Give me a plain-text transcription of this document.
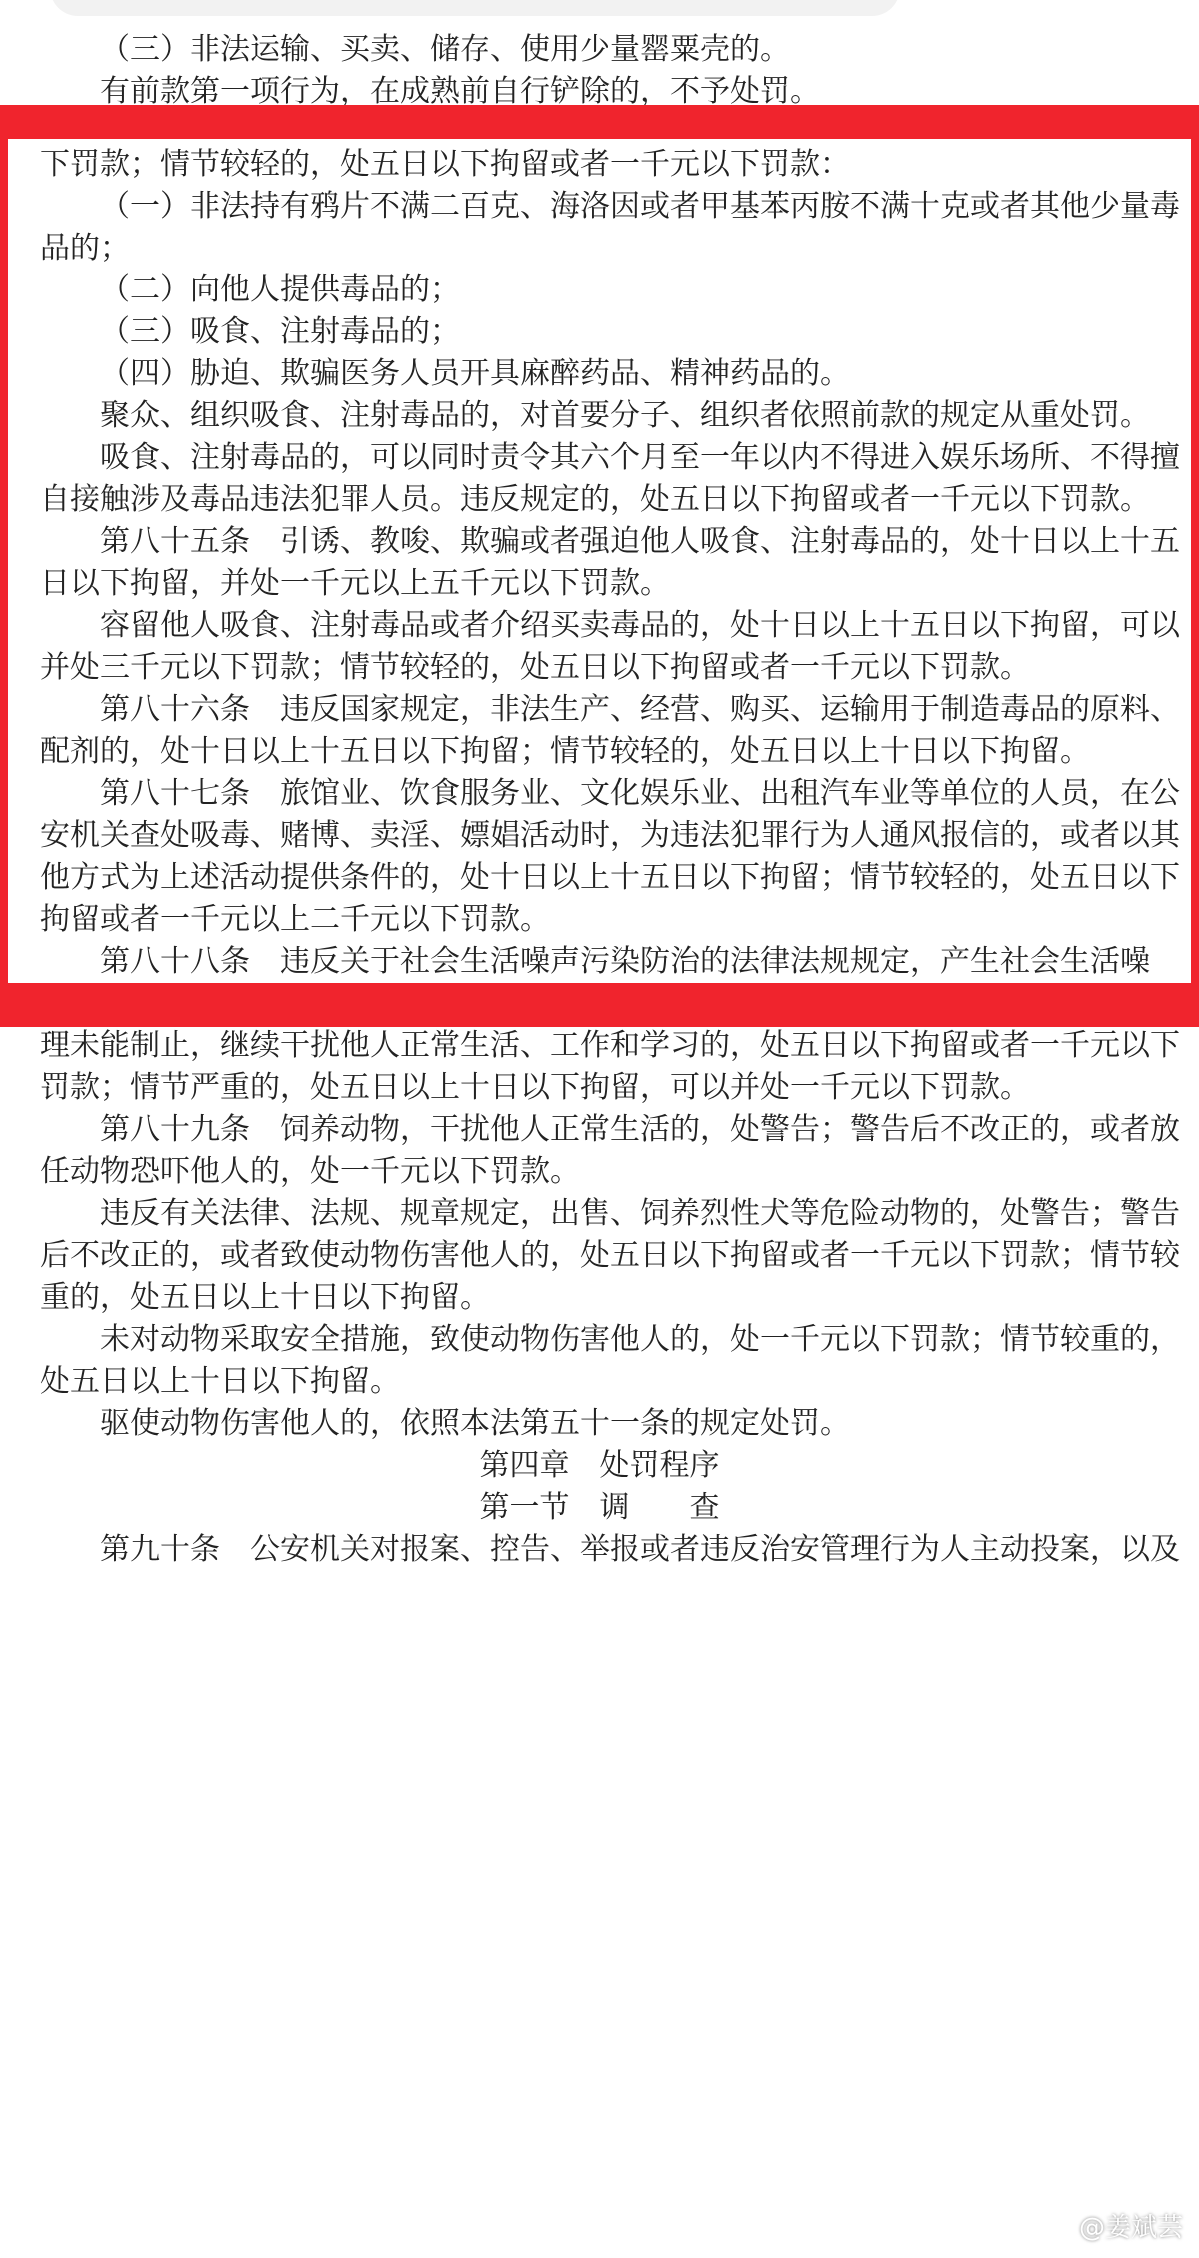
（三）非法运输、买卖、储存、使用少量罂粟壳的。
有前款第一项行为，在成熟前自行铲除的，不予处罚。
第八十四条　有下列行为之一的，处十日以上十五日以下拘留，可以并处三千元以
下罚款；情节较轻的，处五日以下拘留或者一千元以下罚款：
（一）非法持有鸦片不满二百克、海洛因或者甲基苯丙胺不满十克或者其他少量毒
品的；
（二）向他人提供毒品的；
（三）吸食、注射毒品的；
（四）胁迫、欺骗医务人员开具麻醉药品、精神药品的。
聚众、组织吸食、注射毒品的，对首要分子、组织者依照前款的规定从重处罚。
吸食、注射毒品的，可以同时责令其六个月至一年以内不得进入娱乐场所、不得擅
自接触涉及毒品违法犯罪人员。违反规定的，处五日以下拘留或者一千元以下罚款。
第八十五条　引诱、教唆、欺骗或者强迫他人吸食、注射毒品的，处十日以上十五
日以下拘留，并处一千元以上五千元以下罚款。
容留他人吸食、注射毒品或者介绍买卖毒品的，处十日以上十五日以下拘留，可以
并处三千元以下罚款；情节较轻的，处五日以下拘留或者一千元以下罚款。
第八十六条　违反国家规定，非法生产、经营、购买、运输用于制造毒品的原料、
配剂的，处十日以上十五日以下拘留；情节较轻的，处五日以上十日以下拘留。
第八十七条　旅馆业、饮食服务业、文化娱乐业、出租汽车业等单位的人员，在公
安机关查处吸毒、赌博、卖淫、嫖娼活动时，为违法犯罪行为人通风报信的，或者以其
他方式为上述活动提供条件的，处十日以上十五日以下拘留；情节较轻的，处五日以下
拘留或者一千元以上二千元以下罚款。
第八十八条　违反关于社会生活噪声污染防治的法律法规规定，产生社会生活噪
声，经基层群众性自治组织、业主委员会、物业服务人、有关部门依法劝阻、调解和处
理未能制止，继续干扰他人正常生活、工作和学习的，处五日以下拘留或者一千元以下
罚款；情节严重的，处五日以上十日以下拘留，可以并处一千元以下罚款。
第八十九条　饲养动物，干扰他人正常生活的，处警告；警告后不改正的，或者放
任动物恐吓他人的，处一千元以下罚款。
违反有关法律、法规、规章规定，出售、饲养烈性犬等危险动物的，处警告；警告
后不改正的，或者致使动物伤害他人的，处五日以下拘留或者一千元以下罚款；情节较
重的，处五日以上十日以下拘留。
未对动物采取安全措施，致使动物伤害他人的，处一千元以下罚款；情节较重的，
处五日以上十日以下拘留。
驱使动物伤害他人的，依照本法第五十一条的规定处罚。
第四章　处罚程序
第一节　调　　查
第九十条　公安机关对报案、控告、举报或者违反治安管理行为人主动投案，以及
@姜斌芸
